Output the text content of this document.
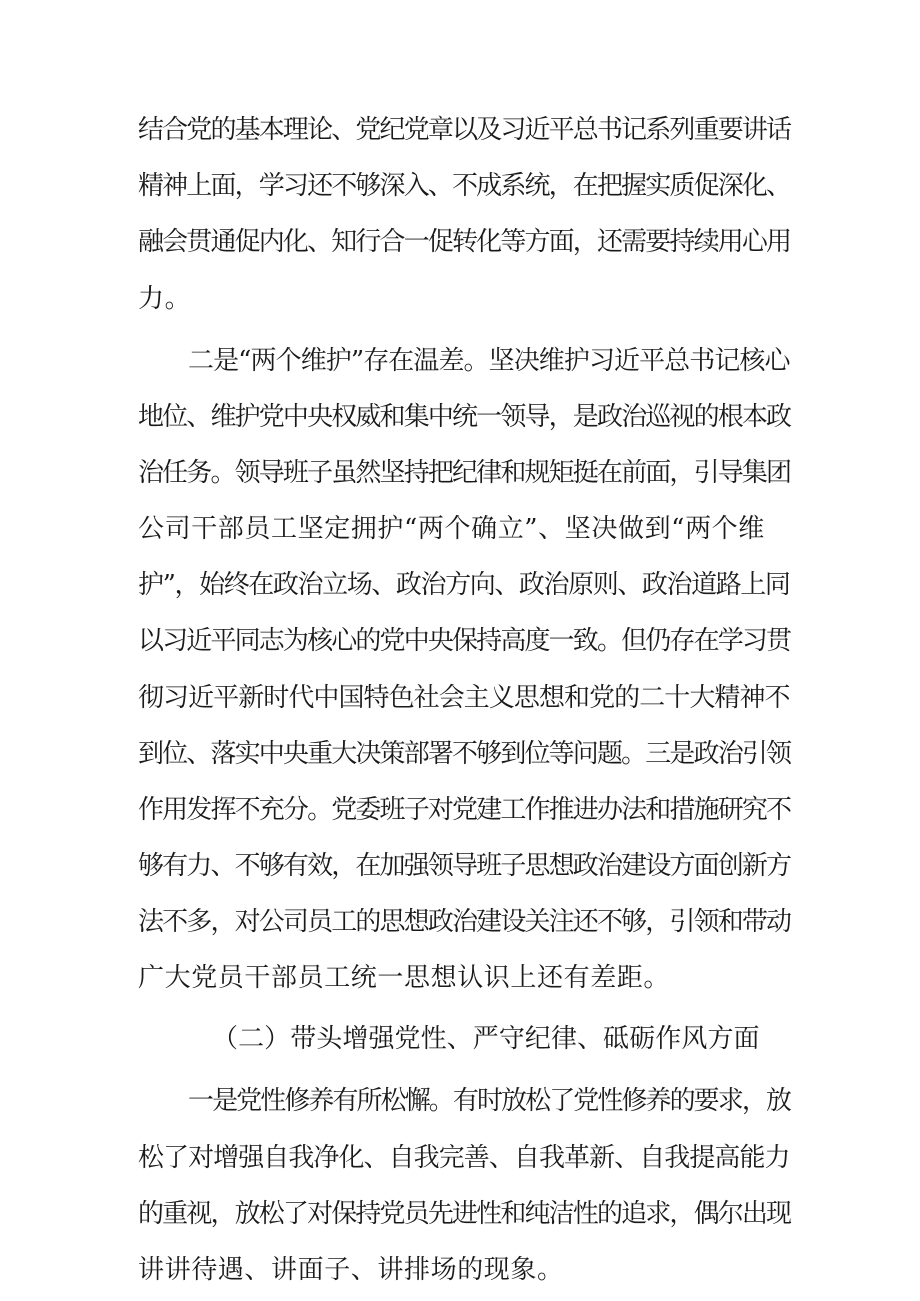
结合党的基本理论、党纪党章以及习近平总书记系列重要讲话
精神上面，学习还不够深入、不成系统，在把握实质促深化、
融会贯通促内化、知行合一促转化等方面，还需要持续用心用
力。
二是“两个维护”存在温差。坚决维护习近平总书记核心
地位、维护党中央权威和集中统一领导，是政治巡视的根本政
治任务。领导班子虽然坚持把纪律和规矩挺在前面，引导集团
公司干部员工坚定拥护“两个确立”、坚决做到“两个维
护”，始终在政治立场、政治方向、政治原则、政治道路上同
以习近平同志为核心的党中央保持高度一致。但仍存在学习贯
彻习近平新时代中国特色社会主义思想和党的二十大精神不
到位、落实中央重大决策部署不够到位等问题。三是政治引领
作用发挥不充分。党委班子对党建工作推进办法和措施研究不
够有力、不够有效，在加强领导班子思想政治建设方面创新方
法不多，对公司员工的思想政治建设关注还不够，引领和带动
广大党员干部员工统一思想认识上还有差距。
（二）带头增强党性、严守纪律、砥砺作风方面
一是党性修养有所松懈。有时放松了党性修养的要求，放
松了对增强自我净化、自我完善、自我革新、自我提高能力
的重视，放松了对保持党员先进性和纯洁性的追求，偶尔出现
讲讲待遇、讲面子、讲排场的现象。
